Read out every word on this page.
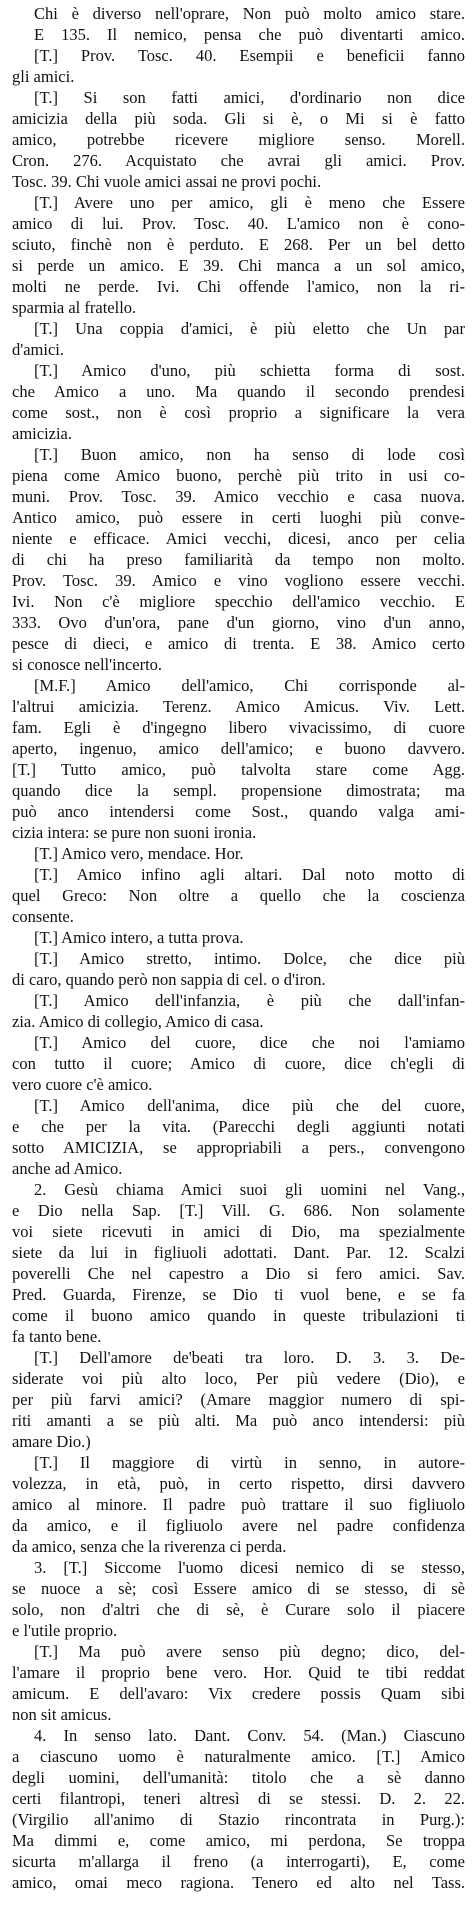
Chi è diverso nell'oprare, Non può molto amico stare.
E 135. Il nemico, pensa che può diventarti amico.
[T.] Prov. Tosc. 40. Esempii e beneficii fanno
gli amici.
[T.] Si son fatti amici, d'ordinario non dice
amicizia della più soda. Gli si è, o Mi si è fatto
amico, potrebbe ricevere migliore senso. Morell.
Cron. 276. Acquistato che avrai gli amici. Prov.
Tosc. 39. Chi vuole amici assai ne provi pochi.
[T.] Avere uno per amico, gli è meno che Essere
amico di lui. Prov. Tosc. 40. L'amico non è cono-
sciuto, finchè non è perduto. E 268. Per un bel detto
si perde un amico. E 39. Chi manca a un sol amico,
molti ne perde. Ivi. Chi offende l'amico, non la ri-
sparmia al fratello.
[T.] Una coppia d'amici, è più eletto che Un par
d'amici.
[T.] Amico d'uno, più schietta forma di sost.
che Amico a uno. Ma quando il secondo prendesi
come sost., non è così proprio a significare la vera
amicizia.
[T.] Buon amico, non ha senso di lode così
piena come Amico buono, perchè più trito in usi co-
muni. Prov. Tosc. 39. Amico vecchio e casa nuova.
Antico amico, può essere in certi luoghi più conve-
niente e efficace. Amici vecchi, dicesi, anco per celia
di chi ha preso familiarità da tempo non molto.
Prov. Tosc. 39. Amico e vino vogliono essere vecchi.
Ivi. Non c'è migliore specchio dell'amico vecchio. E
333. Ovo d'un'ora, pane d'un giorno, vino d'un anno,
pesce di dieci, e amico di trenta. E 38. Amico certo
si conosce nell'incerto.
[M.F.] Amico dell'amico, Chi corrisponde al-
l'altrui amicizia. Terenz. Amico Amicus. Viv. Lett.
fam. Egli è d'ingegno libero vivacissimo, di cuore
aperto, ingenuo, amico dell'amico; e buono davvero.
[T.] Tutto amico, può talvolta stare come Agg.
quando dice la sempl. propensione dimostrata; ma
può anco intendersi come Sost., quando valga ami-
cizia intera: se pure non suoni ironia.
[T.] Amico vero, mendace. Hor.
[T.] Amico infino agli altari. Dal noto motto di
quel Greco: Non oltre a quello che la coscienza
consente.
[T.] Amico intero, a tutta prova.
[T.] Amico stretto, intimo. Dolce, che dice più
di caro, quando però non sappia di cel. o d'iron.
[T.] Amico dell'infanzia, è più che dall'infan-
zia. Amico di collegio, Amico di casa.
[T.] Amico del cuore, dice che noi l'amiamo
con tutto il cuore; Amico di cuore, dice ch'egli di
vero cuore c'è amico.
[T.] Amico dell'anima, dice più che del cuore,
e che per la vita. (Parecchi degli aggiunti notati
sotto AMICIZIA, se appropriabili a pers., convengono
anche ad Amico.
2. Gesù chiama Amici suoi gli uomini nel Vang.,
e Dio nella Sap. [T.] Vill. G. 686. Non solamente
voi siete ricevuti in amici di Dio, ma spezialmente
siete da lui in figliuoli adottati. Dant. Par. 12. Scalzi
poverelli Che nel capestro a Dio si fero amici. Sav.
Pred. Guarda, Firenze, se Dio ti vuol bene, e se fa
come il buono amico quando in queste tribulazioni ti
fa tanto bene.
[T.] Dell'amore de'beati tra loro. D. 3. 3. De-
siderate voi più alto loco, Per più vedere (Dio), e
per più farvi amici? (Amare maggior numero di spi-
riti amanti a se più alti. Ma può anco intendersi: più
amare Dio.)
[T.] Il maggiore di virtù in senno, in autore-
volezza, in età, può, in certo rispetto, dirsi davvero
amico al minore. Il padre può trattare il suo figliuolo
da amico, e il figliuolo avere nel padre confidenza
da amico, senza che la riverenza ci perda.
3. [T.] Siccome l'uomo dicesi nemico di se stesso,
se nuoce a sè; così Essere amico di se stesso, di sè
solo, non d'altri che di sè, è Curare solo il piacere
e l'utile proprio.
[T.] Ma può avere senso più degno; dico, del-
l'amare il proprio bene vero. Hor. Quid te tibi reddat
amicum. E dell'avaro: Vix credere possis Quam sibi
non sit amicus.
4. In senso lato. Dant. Conv. 54. (Man.) Ciascuno
a ciascuno uomo è naturalmente amico. [T.] Amico
degli uomini, dell'umanità: titolo che a sè danno
certi filantropi, teneri altresì di se stessi. D. 2. 22.
(Virgilio all'animo di Stazio rincontrata in Purg.):
Ma dimmi e, come amico, mi perdona, Se troppa
sicurta m'allarga il freno (a interrogarti), E, come
amico, omai meco ragiona. Tenero ed alto nel Tass.
